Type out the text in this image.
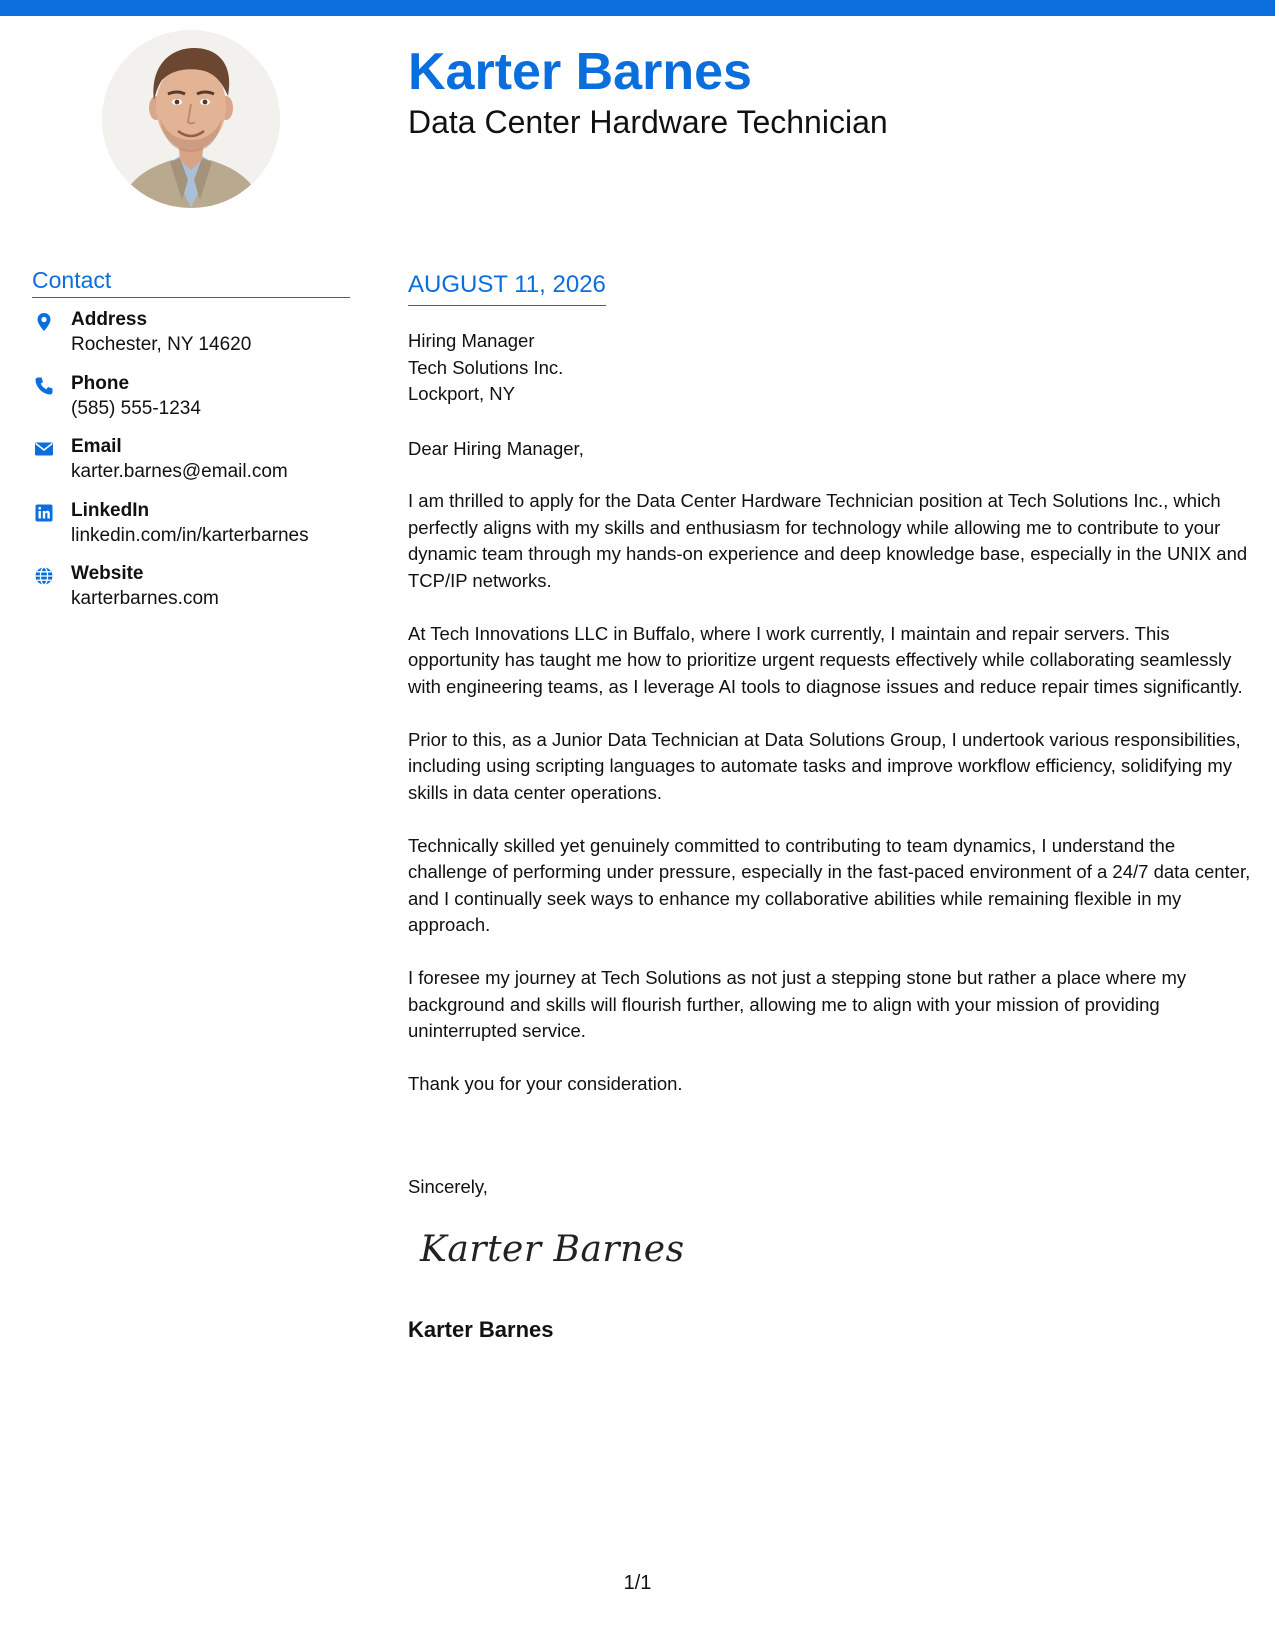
Karter Barnes
Data Center Hardware Technician
Contact
Address
Rochester, NY 14620
Phone
(585) 555-1234
Email
karter.barnes@email.com
LinkedIn
linkedin.com/in/karterbarnes
Website
karterbarnes.com
AUGUST 11, 2026
Hiring Manager
Tech Solutions Inc.
Lockport, NY
Dear Hiring Manager,

I am thrilled to apply for the Data Center Hardware Technician position at Tech Solutions Inc., which perfectly aligns with my skills and enthusiasm for technology while allowing me to contribute to your dynamic team through my hands-on experience and deep knowledge base, especially in the UNIX and TCP/IP networks.

At Tech Innovations LLC in Buffalo, where I work currently, I maintain and repair servers. This opportunity has taught me how to prioritize urgent requests effectively while collaborating seamlessly with engineering teams, as I leverage AI tools to diagnose issues and reduce repair times significantly.

Prior to this, as a Junior Data Technician at Data Solutions Group, I undertook various responsibilities, including using scripting languages to automate tasks and improve workflow efficiency, solidifying my skills in data center operations.

Technically skilled yet genuinely committed to contributing to team dynamics, I understand the challenge of performing under pressure, especially in the fast-paced environment of a 24/7 data center, and I continually seek ways to enhance my collaborative abilities while remaining flexible in my approach.

I foresee my journey at Tech Solutions as not just a stepping stone but rather a place where my background and skills will flourish further, allowing me to align with your mission of providing uninterrupted service.

Thank you for your consideration.

Sincerely,
Karter Barnes
Karter Barnes
1/1
